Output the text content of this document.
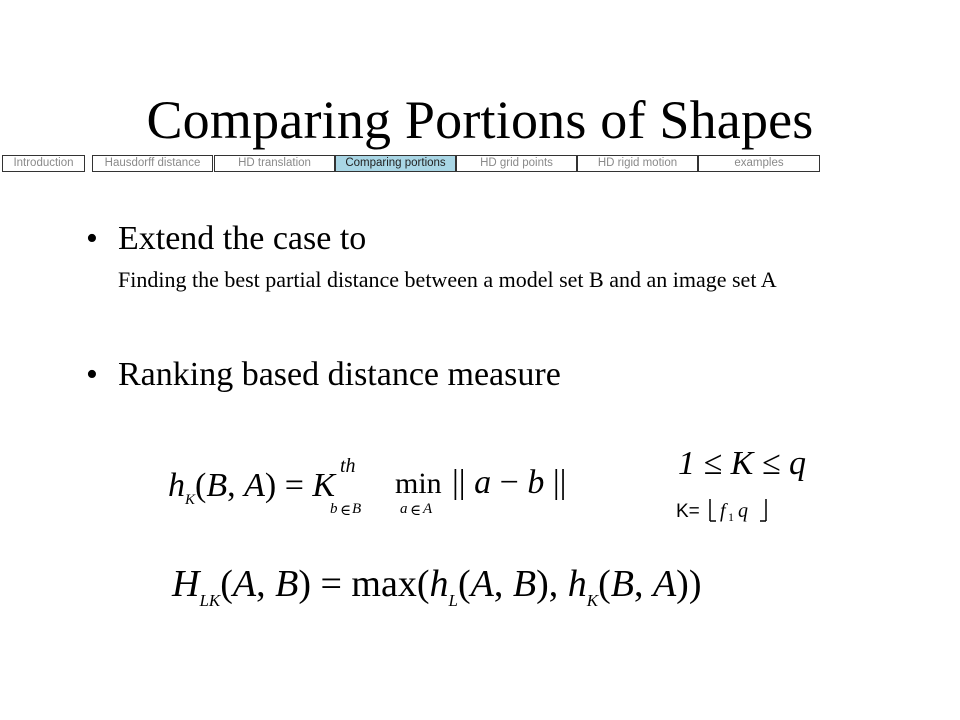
Comparing Portions of Shapes
Introduction	Hausdorff distance	HD translation	Comparing portions	HD grid points	HD rigid motion	examples
• Extend the case to
Finding the best partial distance between a model set B and an image set A
• Ranking based distance measure
$h_K(B$, A) = K
th
b ∈ B
min
a ∈ A
|| a − b ||
1 ≤ K ≤ q
K= f 1 q
$H_{LK}(A$, $B) = \max(h_L(A$, B), $h_K(B$, A))
